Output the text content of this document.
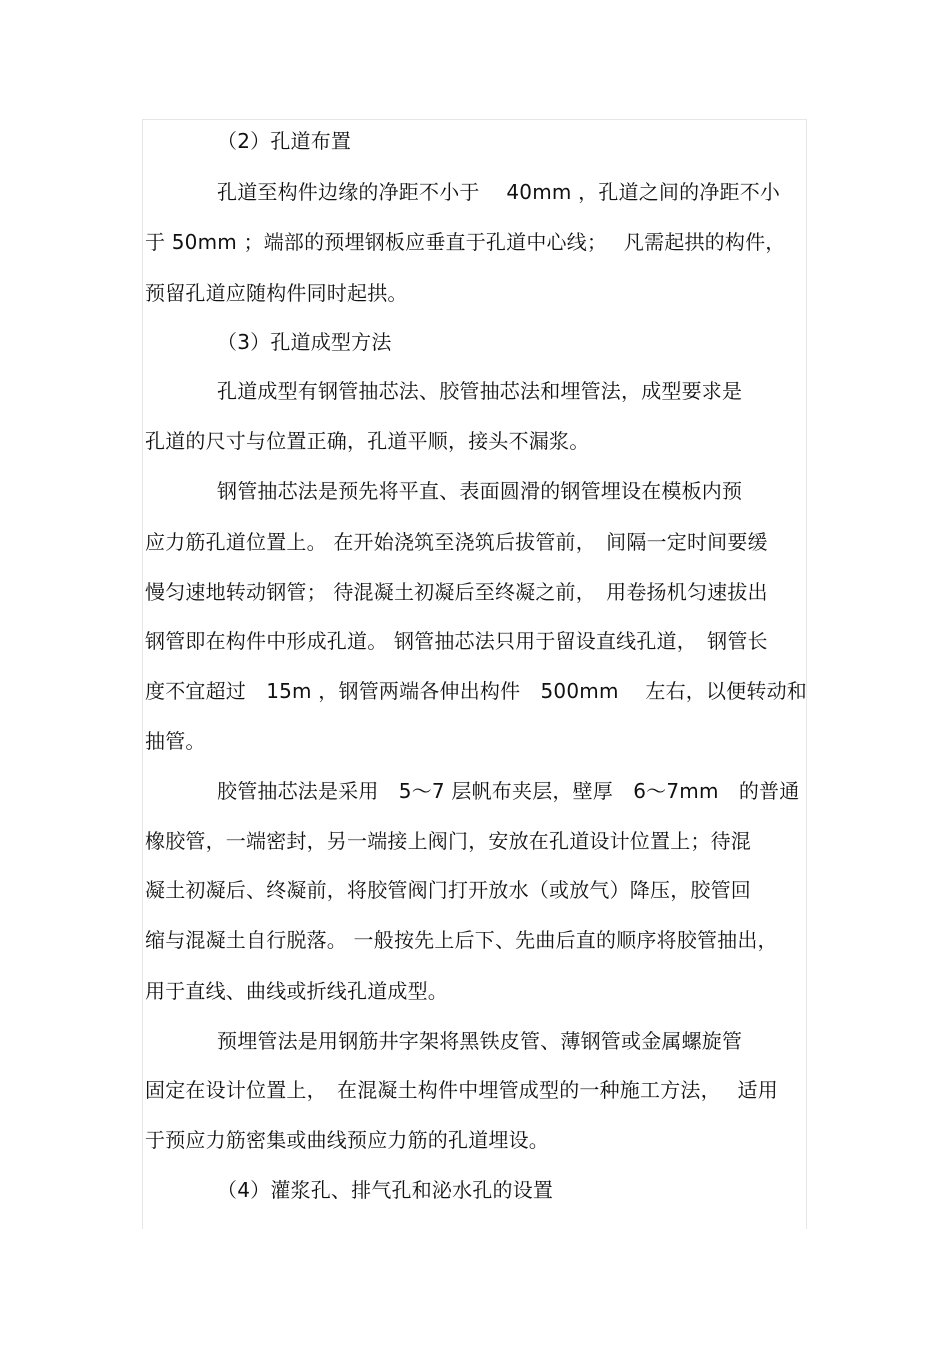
（2）孔道布置
孔道至构件边缘的净距不小于　 40mm ，孔道之间的净距不小
于 50mm ；端部的预埋钢板应垂直于孔道中心线；　 凡需起拱的构件，
预留孔道应随构件同时起拱。
（3）孔道成型方法
孔道成型有钢管抽芯法、胶管抽芯法和埋管法，成型要求是
孔道的尺寸与位置正确，孔道平顺，接头不漏浆。
钢管抽芯法是预先将平直、表面圆滑的钢管埋设在模板内预
应力筋孔道位置上。 在开始浇筑至浇筑后拔管前，　间隔一定时间要缓
慢匀速地转动钢管； 待混凝土初凝后至终凝之前，　用卷扬机匀速拔出
钢管即在构件中形成孔道。 钢管抽芯法只用于留设直线孔道，　钢管长
度不宜超过　15m ，钢管两端各伸出构件　500mm　 左右，以便转动和
抽管。
胶管抽芯法是采用　5～7 层帆布夹层，壁厚　6～7mm　的普通
橡胶管，一端密封，另一端接上阀门，安放在孔道设计位置上；待混
凝土初凝后、终凝前，将胶管阀门打开放水（或放气）降压，胶管回
缩与混凝土自行脱落。 一般按先上后下、先曲后直的顺序将胶管抽出，
用于直线、曲线或折线孔道成型。
预埋管法是用钢筋井字架将黑铁皮管、薄钢管或金属螺旋管
固定在设计位置上，　在混凝土构件中埋管成型的一种施工方法，　 适用
于预应力筋密集或曲线预应力筋的孔道埋设。
（4）灌浆孔、排气孔和泌水孔的设置
